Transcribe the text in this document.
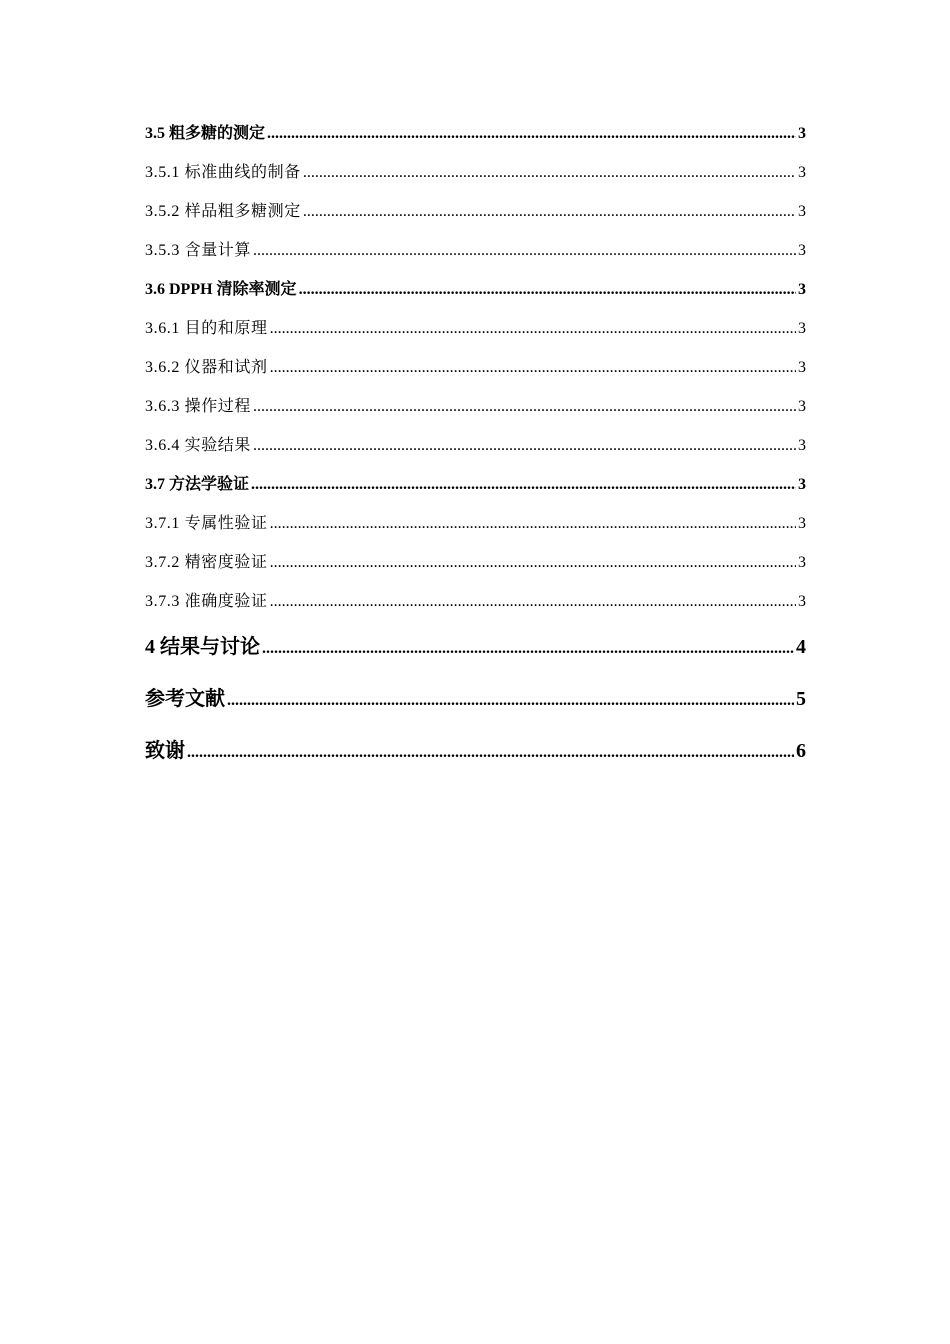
3.5 粗多糖的测定 .....	3
3.5.1 标准曲线的制备 .....	3
3.5.2 样品粗多糖测定 .....	3
3.5.3 含量计算 .....	3
3.6 DPPH 清除率测定 .....	3
3.6.1 目的和原理 .....	3
3.6.2 仪器和试剂 .....	3
3.6.3 操作过程 .....	3
3.6.4 实验结果 .....	3
3.7 方法学验证 .....	3
3.7.1 专属性验证 .....	3
3.7.2 精密度验证 .....	3
3.7.3 准确度验证 .....	3
4 结果与讨论 .....	4
参考文献 .....	5
致谢 .....	6
